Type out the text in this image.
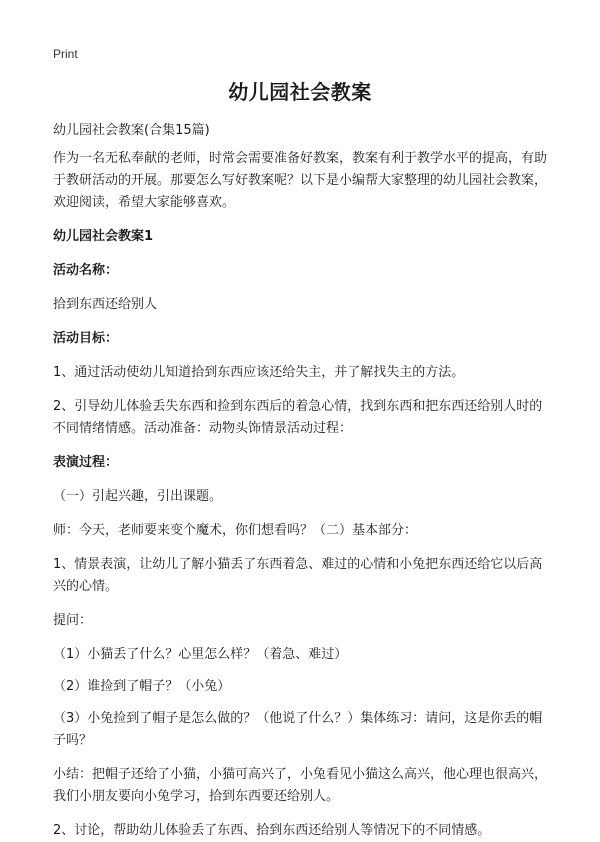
Print
幼儿园社会教案

幼儿园社会教案(合集15篇)

作为一名无私奉献的老师，时常会需要准备好教案，教案有利于教学水平的提高，有助于教研活动的开展。那要怎么写好教案呢？以下是小编帮大家整理的幼儿园社会教案，欢迎阅读，希望大家能够喜欢。

幼儿园社会教案1

活动名称：

拾到东西还给别人

活动目标：

1、通过活动使幼儿知道拾到东西应该还给失主，并了解找失主的方法。

2、引导幼儿体验丢失东西和捡到东西后的着急心情，找到东西和把东西还给别人时的不同情绪情感。活动准备：动物头饰情景活动过程：

表演过程：

（一）引起兴趣，引出课题。

师：今天，老师要来变个魔术，你们想看吗？（二）基本部分：

1、情景表演，让幼儿了解小猫丢了东西着急、难过的心情和小兔把东西还给它以后高兴的心情。

提问：

（1）小猫丢了什么？心里怎么样？（着急、难过）

（2）谁捡到了帽子？（小兔）

（3）小兔捡到了帽子是怎么做的？（他说了什么？）集体练习：请问，这是你丢的帽子吗？

小结：把帽子还给了小猫，小猫可高兴了，小兔看见小猫这么高兴，他心理也很高兴，我们小朋友要向小兔学习，拾到东西要还给别人。

2、讨论，帮助幼儿体验丢了东西、拾到东西还给别人等情况下的不同情感。
